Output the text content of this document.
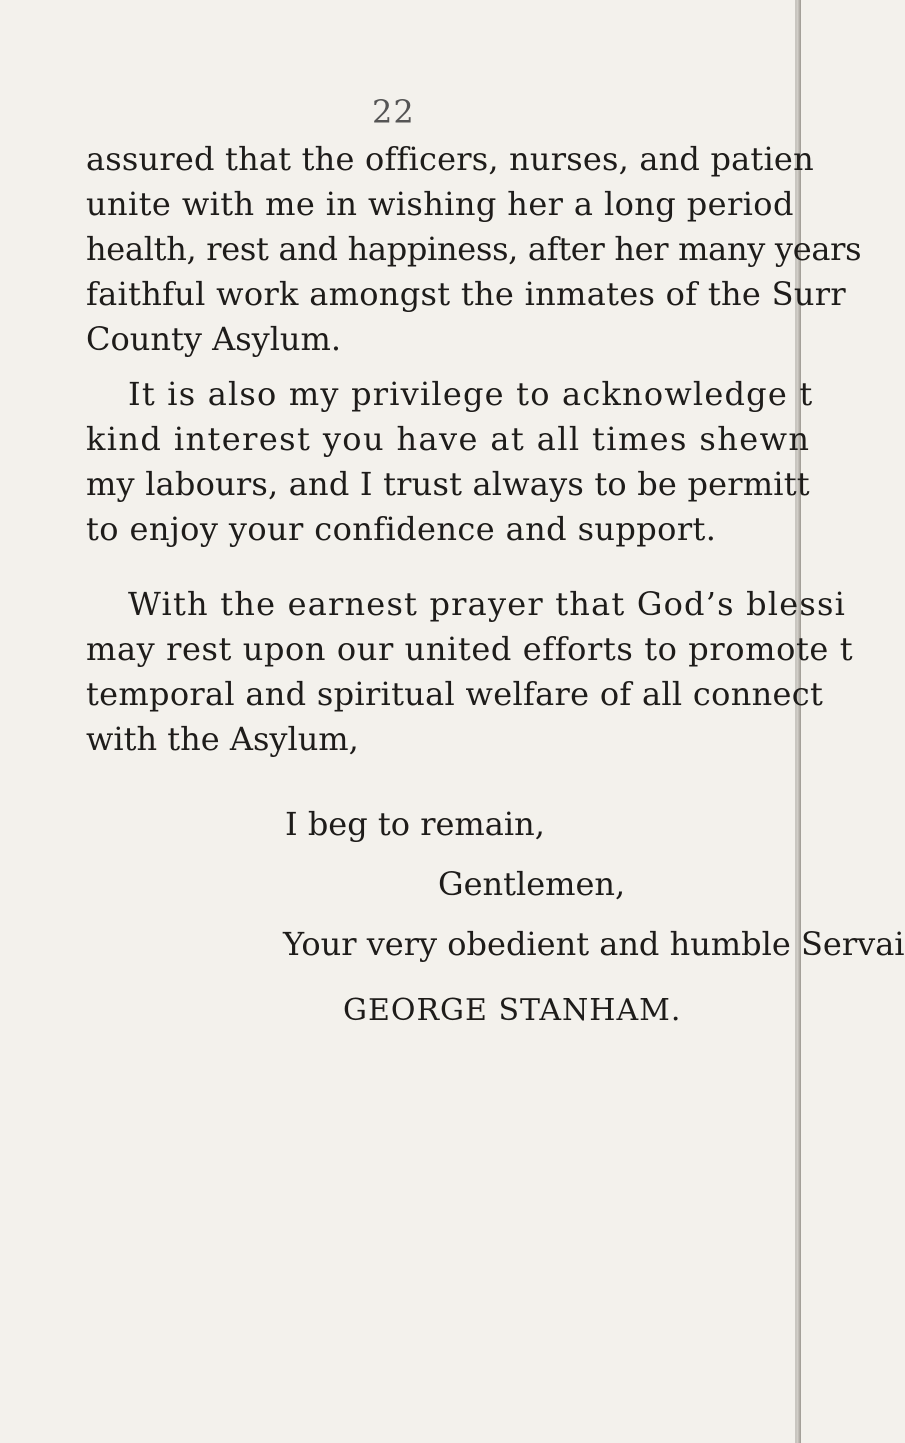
22
assured that the officers, nurses, and patien
unite with me in wishing her a long period
health, rest and happiness, after her many years
faithful work amongst the inmates of the Surr
County Asylum.
It is also my privilege to acknowledge t
kind interest you have at all times shewn
my labours, and I trust always to be permitt
to enjoy your confidence and support.
With the earnest prayer that God’s blessi
may rest upon our united efforts to promote t
temporal and spiritual welfare of all connect
with the Asylum,
I beg to remain,
Gentlemen,
Your very obedient and humble Servai
GEORGE STANHAM.
